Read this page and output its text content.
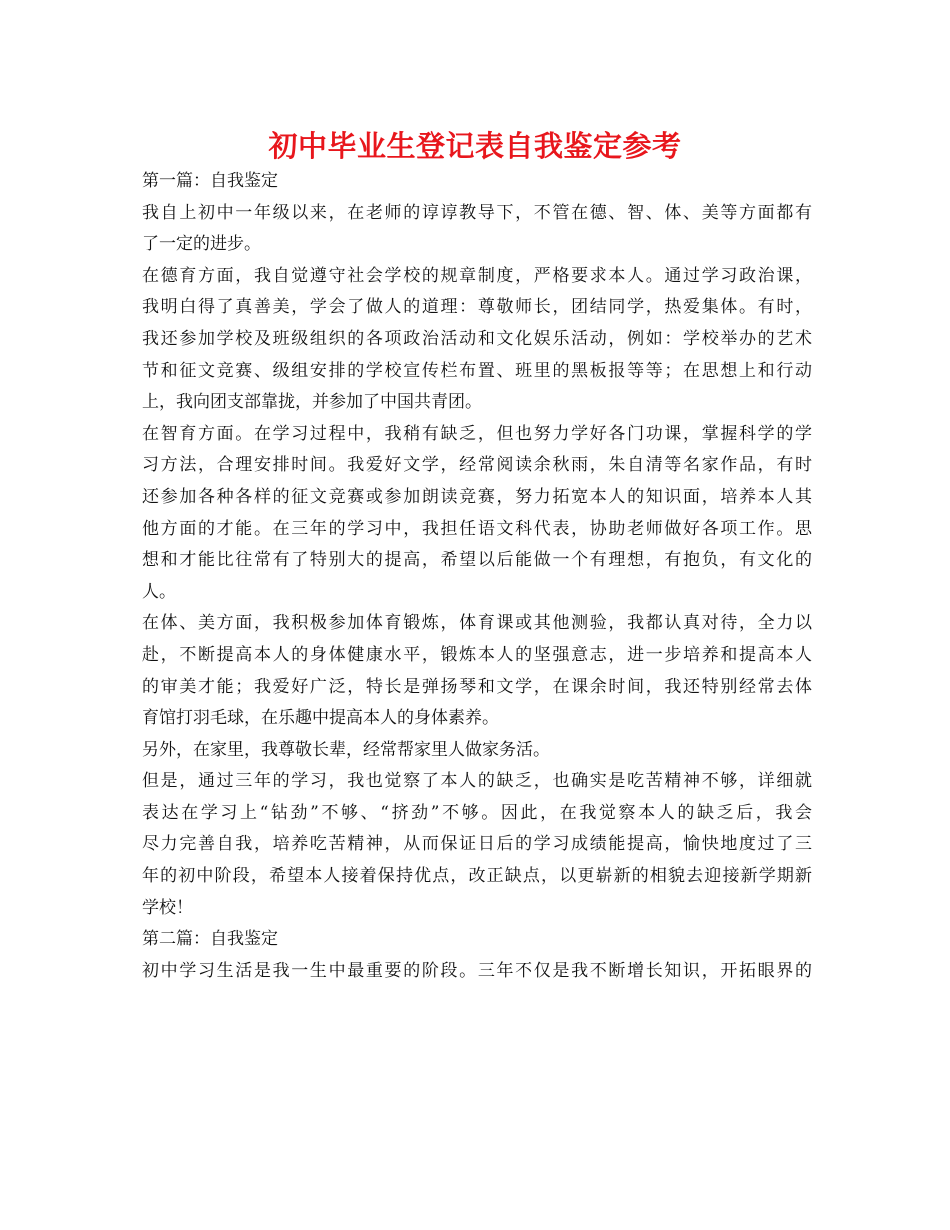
初中毕业生登记表自我鉴定参考
第一篇：自我鉴定
我自上初中一年级以来，在老师的谆谆教导下，不管在德、智、体、美等方面都有
了一定的进步。
在德育方面，我自觉遵守社会学校的规章制度，严格要求本人。通过学习政治课，
我明白得了真善美，学会了做人的道理：尊敬师长，团结同学，热爱集体。有时，
我还参加学校及班级组织的各项政治活动和文化娱乐活动，例如：学校举办的艺术
节和征文竞赛、级组安排的学校宣传栏布置、班里的黑板报等等；在思想上和行动
上，我向团支部靠拢，并参加了中国共青团。
在智育方面。在学习过程中，我稍有缺乏，但也努力学好各门功课，掌握科学的学
习方法，合理安排时间。我爱好文学，经常阅读余秋雨，朱自清等名家作品，有时
还参加各种各样的征文竞赛或参加朗读竞赛，努力拓宽本人的知识面，培养本人其
他方面的才能。在三年的学习中，我担任语文科代表，协助老师做好各项工作。思
想和才能比往常有了特别大的提高，希望以后能做一个有理想，有抱负，有文化的
人。
在体、美方面，我积极参加体育锻炼，体育课或其他测验，我都认真对待，全力以
赴，不断提高本人的身体健康水平，锻炼本人的坚强意志，进一步培养和提高本人
的审美才能；我爱好广泛，特长是弹扬琴和文学，在课余时间，我还特别经常去体
育馆打羽毛球，在乐趣中提高本人的身体素养。
另外，在家里，我尊敬长辈，经常帮家里人做家务活。
但是，通过三年的学习，我也觉察了本人的缺乏，也确实是吃苦精神不够，详细就
表达在学习上“钻劲”不够、“挤劲”不够。因此，在我觉察本人的缺乏后，我会
尽力完善自我，培养吃苦精神，从而保证日后的学习成绩能提高，愉快地度过了三
年的初中阶段，希望本人接着保持优点，改正缺点，以更崭新的相貌去迎接新学期新
学校！
第二篇：自我鉴定
初中学习生活是我一生中最重要的阶段。三年不仅是我不断增长知识，开拓眼界的
